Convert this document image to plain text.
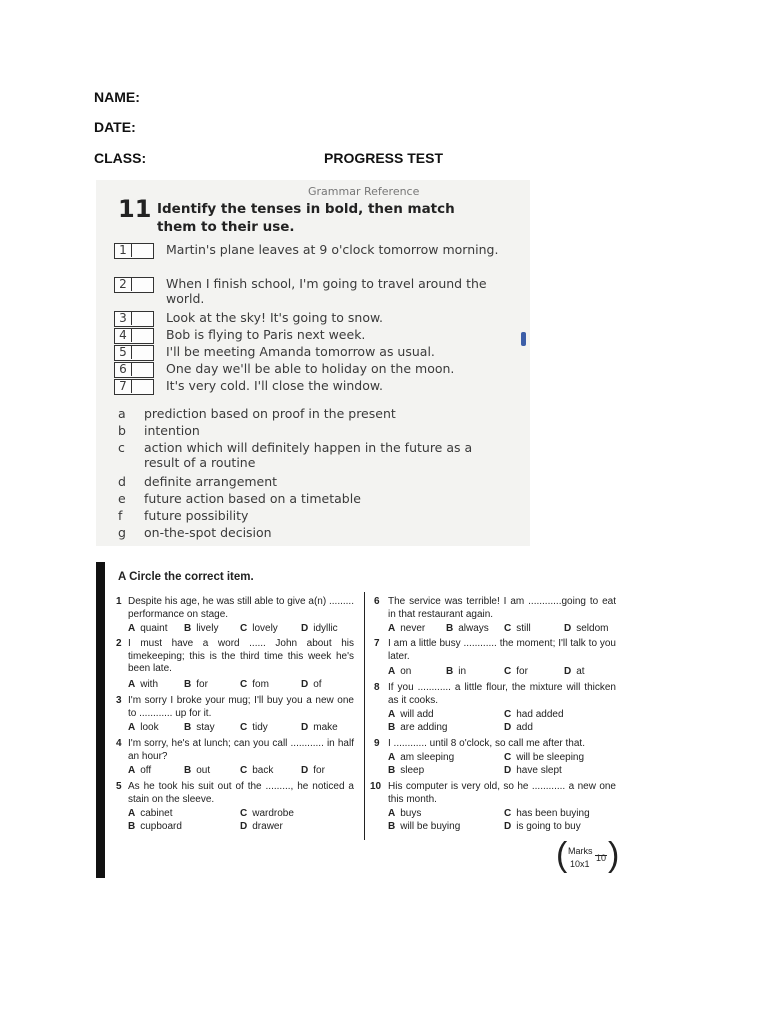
NAME:
DATE:
CLASS:	PROGRESS TEST
Grammar Reference
11 Identify the tenses in bold, then match them to their use.
1	Martin's plane leaves at 9 o'clock tomorrow morning.
2	When I finish school, I'm going to travel around the world.
3	Look at the sky! It's going to snow.
4	Bob is flying to Paris next week.
5	I'll be meeting Amanda tomorrow as usual.
6	One day we'll be able to holiday on the moon.
7	It's very cold. I'll close the window.
a prediction based on proof in the present
b intention
c	action which will definitely happen in the future as a result of a routine
d definite arrangement
e future action based on a timetable
f future possibility
g on-the-spot decision
A Circle the correct item.
1 Despite his age, he was still able to give a(n) ......... performance on stage.
A quaint B lively C lovely D idyllic
2 I must have a word ...... John about his timekeeping; this is the third time this week he's been late.
A with	B for	C fom	D of
3 I'm sorry I broke your mug; I'll buy you a new one to ............ up for it.
A look	B stay	C tidy	D make
4 I'm sorry, he's at lunch; can you call ............ in half an hour?
A off	B out	C back	D for
5 As he took his suit out of the ........., he noticed a stain on the sleeve.
A cabinet	C wardrobe
B cupboard	D drawer
6 The service was terrible! I am ............going to eat in that restaurant again.
A never B always C still	D seldom
7 I am a little busy ............ the moment; I'll talk to you later.
A on	B in	C for	D at
8 If you ............ a little flour, the mixture will thicken as it cooks.
A will add	C had added
B are adding	D add
9 I ............ until 8 o'clock, so call me after that.
A am sleeping	C will be sleeping
B sleep	D have slept
10 His computer is very old, so he ............ a new one this month.
A buys	C has been buying
B will be buying	D is going to buy
( Marks
10x1
10 )
